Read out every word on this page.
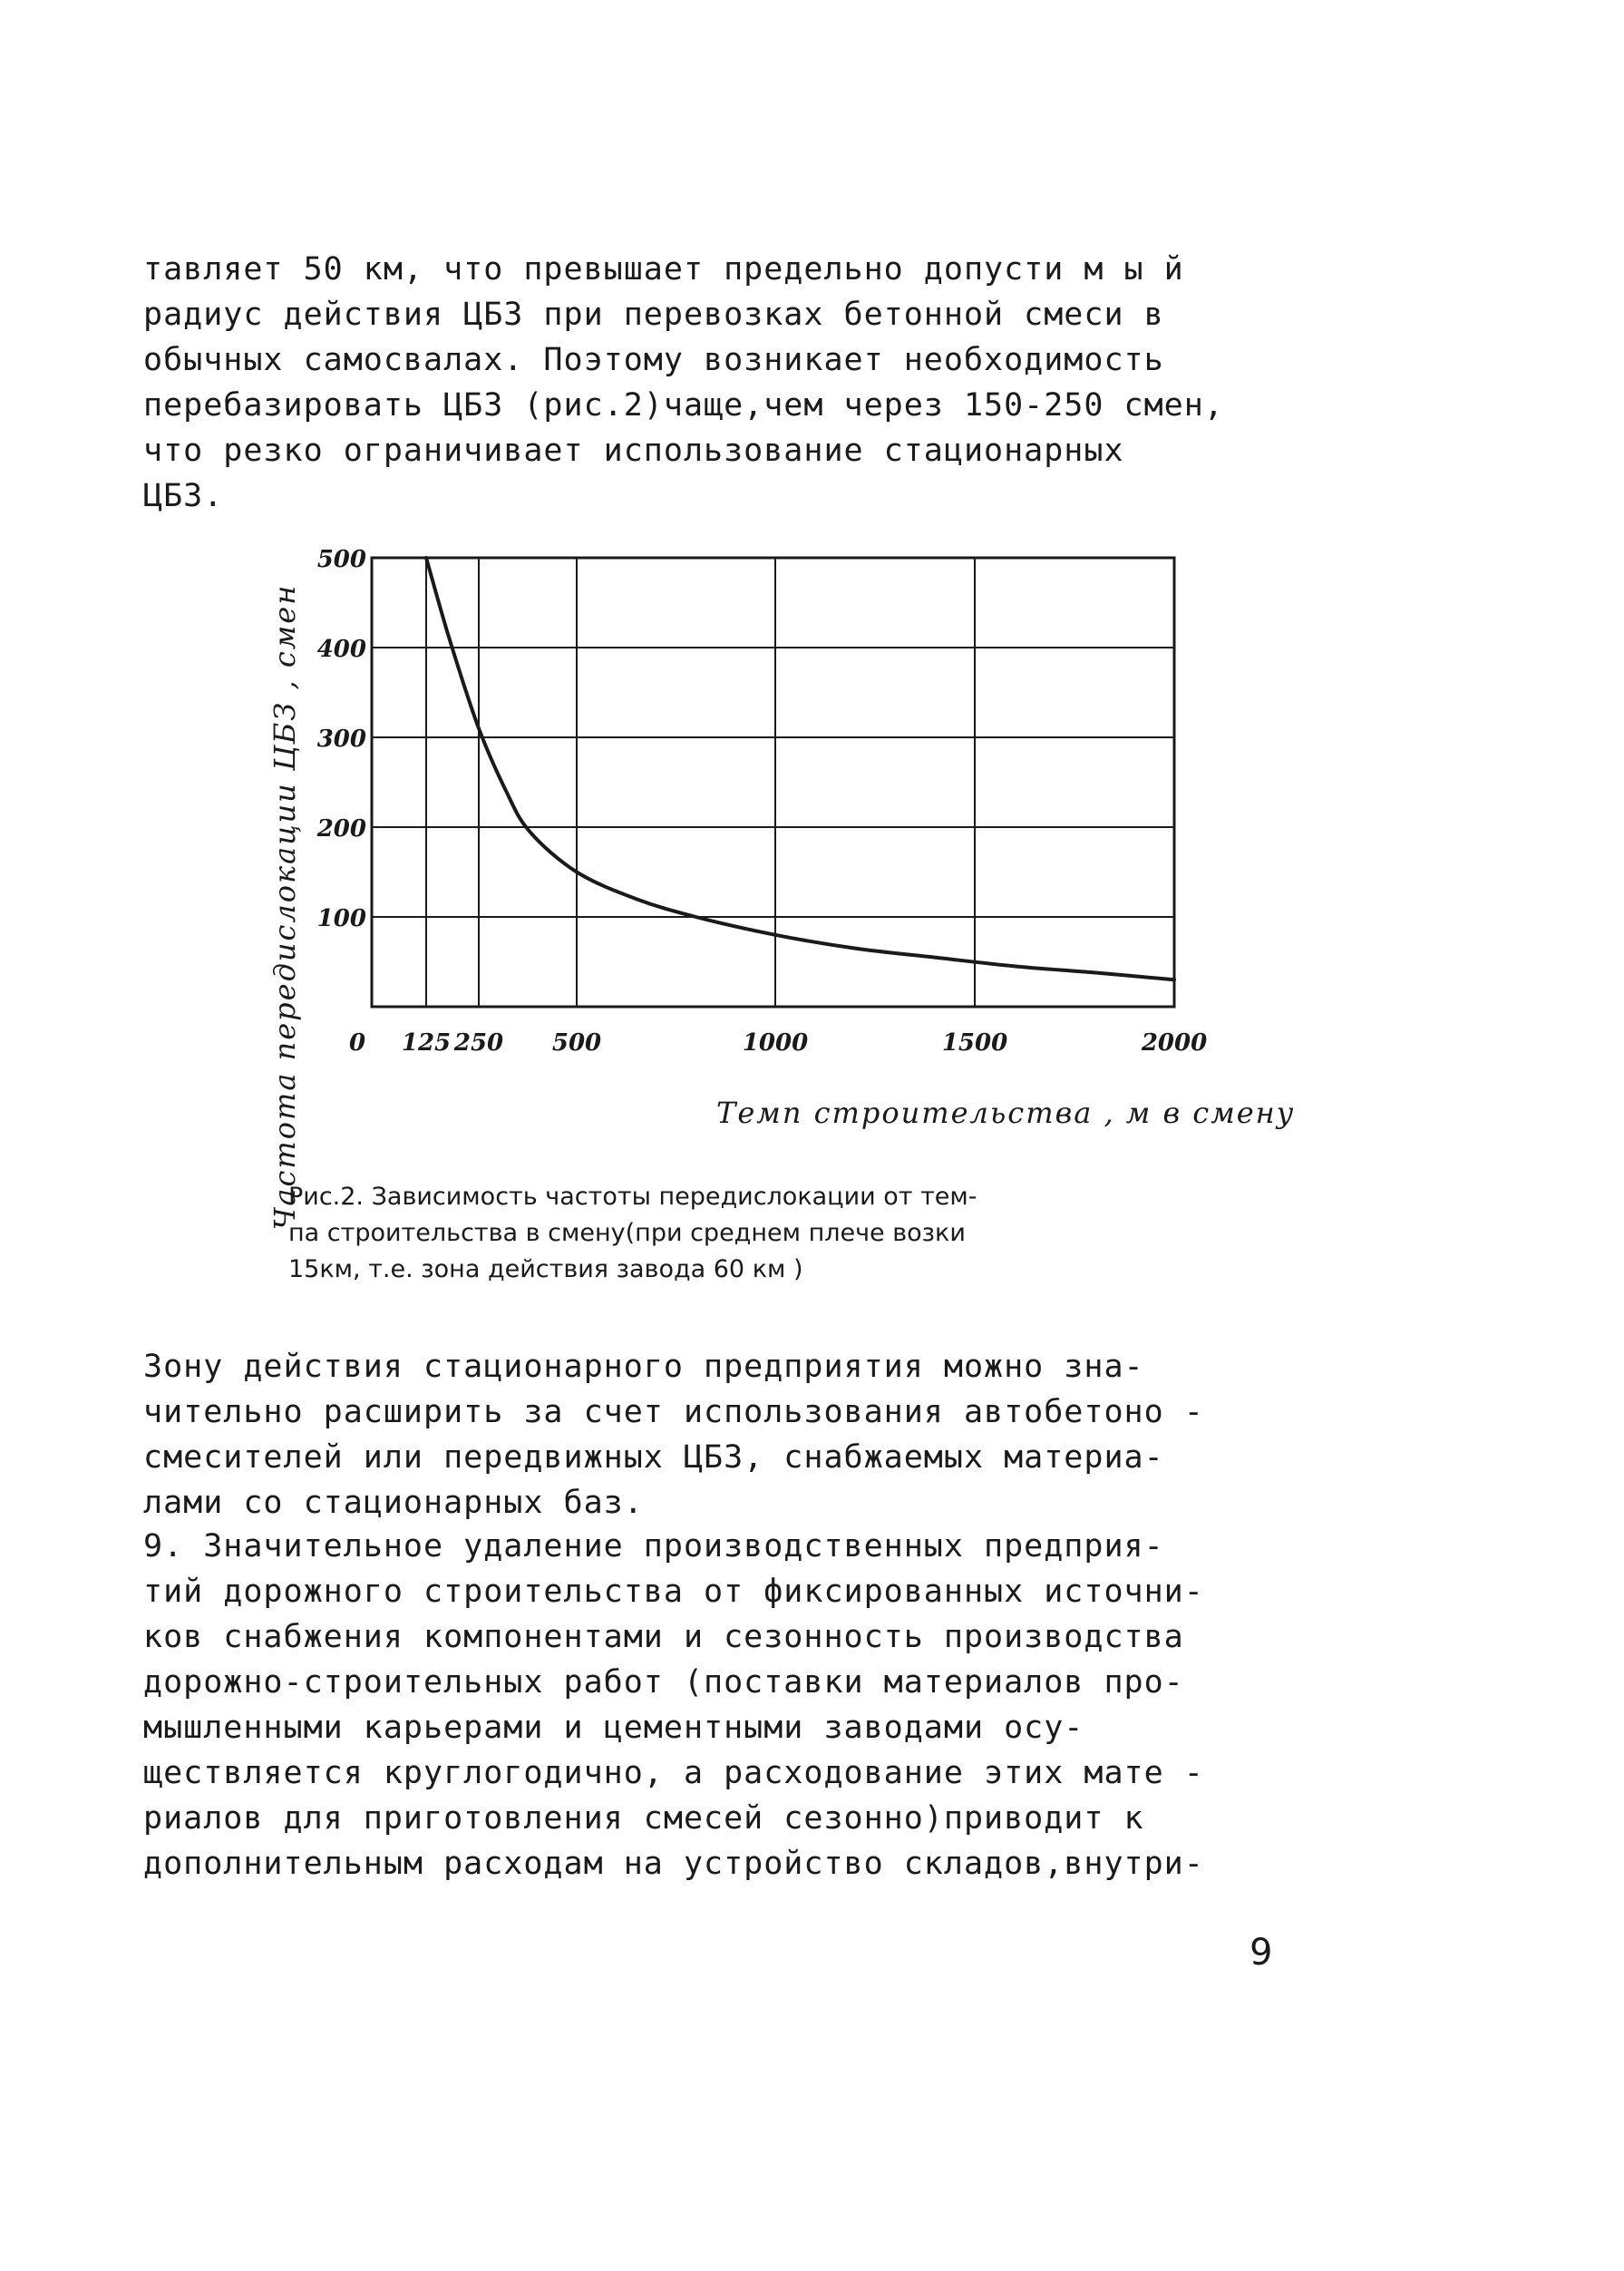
тавляет 50 км, что превышает предельно допусти м ы й
радиус действия ЦБЗ при перевозках бетонной смеси в
обычных самосвалах. Поэтому возникает необходимость
перебазировать ЦБЗ (рис.2)чаще,чем через 150-250 смен,
что резко ограничивает использование стационарных
ЦБЗ.
100
200
300
400
500
0 125 250 500	1000	1500	2000
Частота передислокации ЦБЗ , смен	Темп строительства , м в смену
Рис.2. Зависимость частоты передислокации от тем-
па строительства в смену(при среднем плече возки
15км, т.е. зона действия завода 60 км )
Зону действия стационарного предприятия можно зна-
чительно расширить за счет использования автобетоно -
смесителей или передвижных ЦБЗ, снабжаемых материа-
лами со стационарных баз.
9. Значительное удаление производственных предприя-
тий дорожного строительства от фиксированных источни-
ков снабжения компонентами и сезонность производства
дорожно-строительных работ (поставки материалов про-
мышленными карьерами и цементными заводами осу-
ществляется круглогодично, а расходование этих мате -
риалов для приготовления смесей сезонно)приводит к
дополнительным расходам на устройство складов,внутри-
9
